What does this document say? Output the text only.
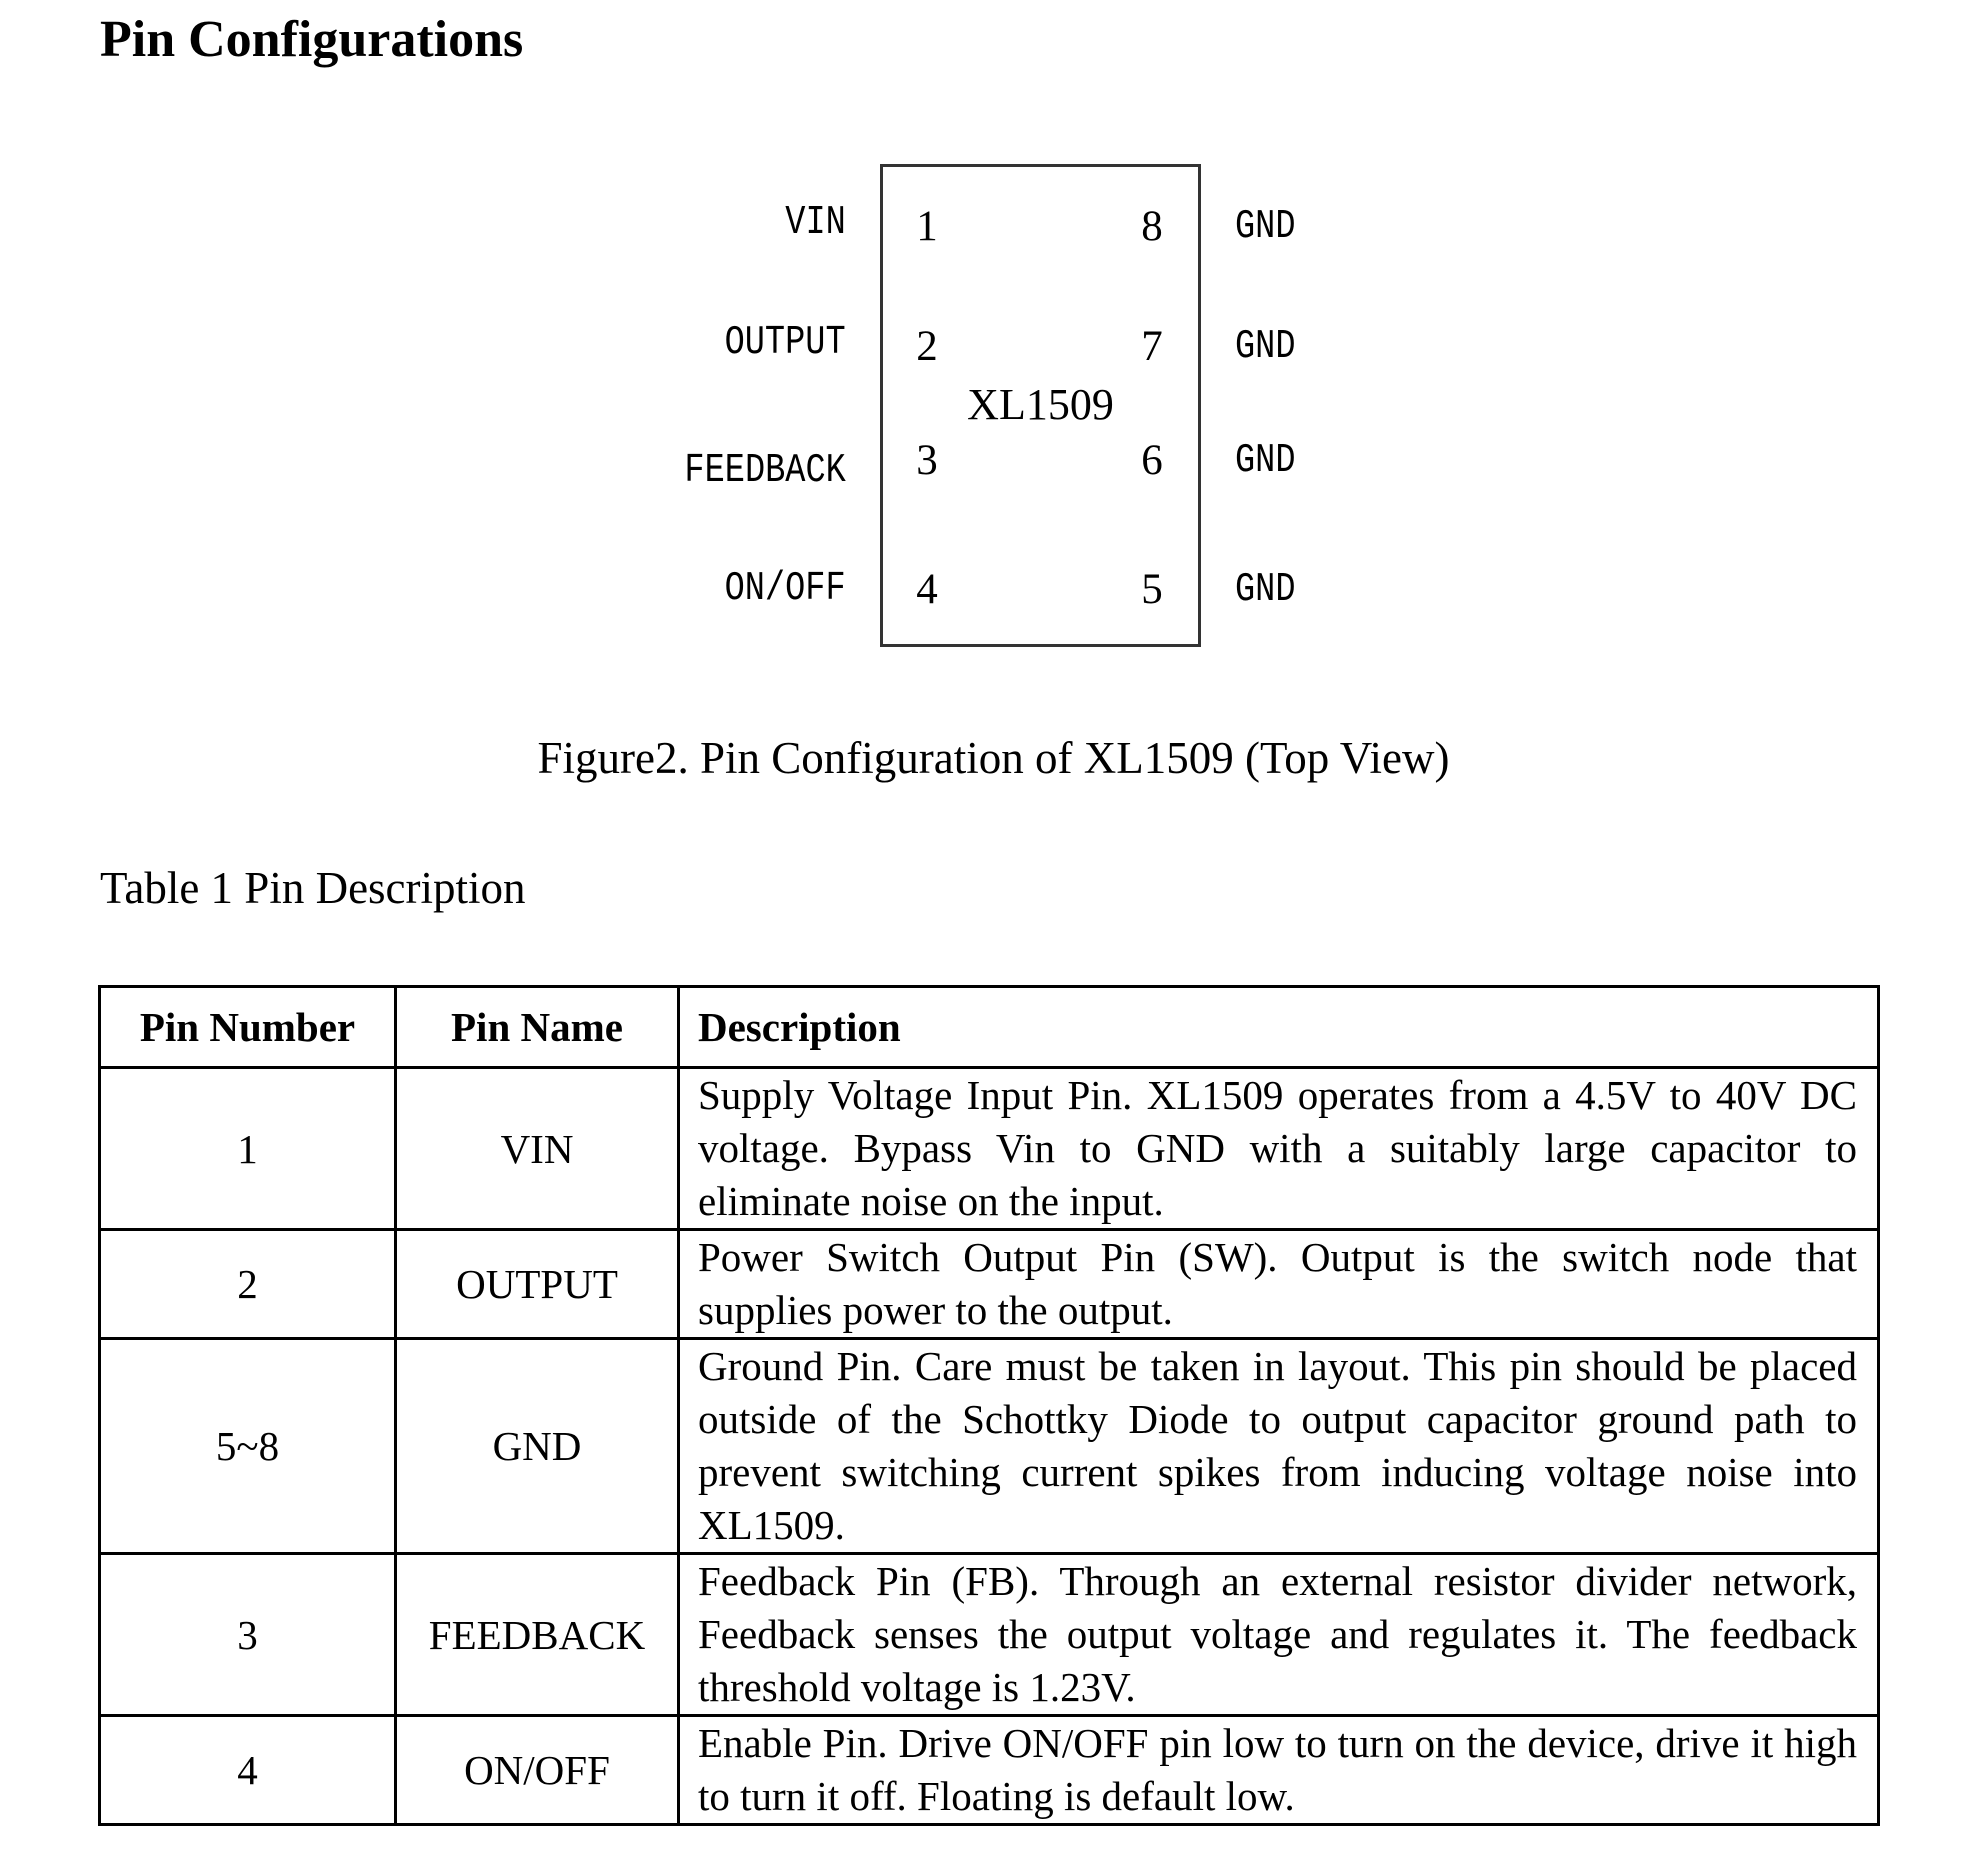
Pin Configurations
XL1509
VIN
OUTPUT
FEEDBACK
ON/OFF
1
2
3
4
8
7
6
5
GND
GND
GND
GND
Figure2. Pin Configuration of XL1509 (Top View)
Table 1 Pin Description
Pin Number	Pin Name	Description
1	VIN	Supply Voltage Input Pin. XL1509 operates from a 4.5V to 40V DC voltage. Bypass Vin to GND with a suitably large capacitor to eliminate noise on the input.
2	OUTPUT	Power Switch Output Pin (SW). Output is the switch node that supplies power to the output.
5~8	GND	Ground Pin. Care must be taken in layout. This pin should be placed outside of the Schottky Diode to output capacitor ground path to prevent switching current spikes from inducing voltage noise into XL1509.
3	FEEDBACK	Feedback Pin (FB). Through an external resistor divider network, Feedback senses the output voltage and regulates it. The feedback threshold voltage is 1.23V.
4	ON/OFF	Enable Pin. Drive ON/OFF pin low to turn on the device, drive it high to turn it off. Floating is default low.
